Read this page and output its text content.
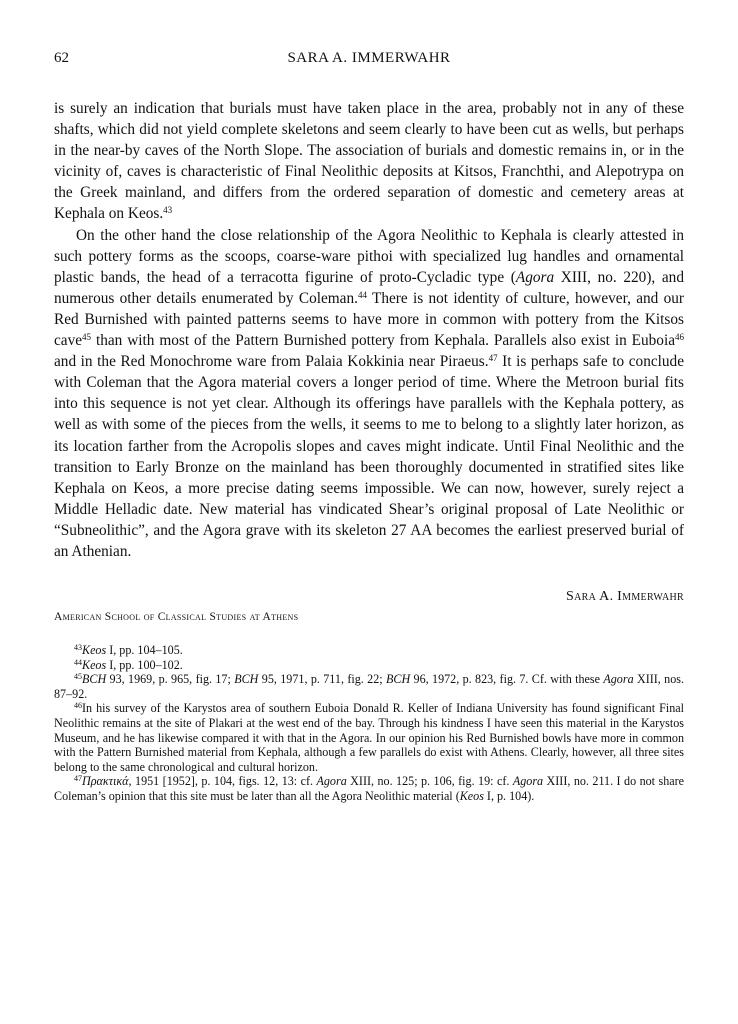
62	SARA A. IMMERWAHR

is surely an indication that burials must have taken place in the area, probably not in any of these shafts, which did not yield complete skeletons and seem clearly to have been cut as wells, but perhaps in the near-by caves of the North Slope. The association of burials and domestic remains in, or in the vicinity of, caves is characteristic of Final Neolithic deposits at Kitsos, Franchthi, and Alepotrypa on the Greek mainland, and differs from the ordered separation of domestic and cemetery areas at Kephala on Keos.$^{43}$

On the other hand the close relationship of the Agora Neolithic to Kephala is clearly attested in such pottery forms as the scoops, coarse-ware pithoi with specialized lug handles and ornamental plastic bands, the head of a terracotta figurine of proto-Cycladic type (Agora XIII, no. 220), and numerous other details enumerated by Coleman.$^{44}$ There is not identity of culture, however, and our Red Burnished with painted patterns seems to have more in common with pottery from the Kitsos cave$^{45}$ than with most of the Pattern Burnished pottery from Kephala. Parallels also exist in Euboia$^{46}$ and in the Red Monochrome ware from Palaia Kokkinia near Piraeus.$^{47}$ It is perhaps safe to conclude with Coleman that the Agora material covers a longer period of time. Where the Metroon burial fits into this sequence is not yet clear. Although its offerings have parallels with the Kephala pottery, as well as with some of the pieces from the wells, it seems to me to belong to a slightly later horizon, as its location farther from the Acropolis slopes and caves might indicate. Until Final Neolithic and the transition to Early Bronze on the mainland has been thoroughly documented in stratified sites like Kephala on Keos, a more precise dating seems impossible. We can now, however, surely reject a Middle Helladic date. New material has vindicated Shear’s original proposal of Late Neolithic or “Subneolithic”, and the Agora grave with its skeleton 27 AA becomes the earliest preserved burial of an Athenian.

Sara A. Immerwahr
American School of Classical Studies at Athens

$^{43}$Keos I, pp. 104–105.

$^{44}$Keos I, pp. 100–102.

$^{45}$BCH 93, 1969, p. 965, fig. 17; BCH 95, 1971, p. 711, fig. 22; BCH 96, 1972, p. 823, fig. 7. Cf. with these Agora XIII, nos. 87–92.

$^{46}$In his survey of the Karystos area of southern Euboia Donald R. Keller of Indiana University has found significant Final Neolithic remains at the site of Plakari at the west end of the bay. Through his kindness I have seen this material in the Karystos Museum, and he has likewise compared it with that in the Agora. In our opinion his Red Burnished bowls have more in common with the Pattern Burnished material from Kephala, although a few parallels do exist with Athens. Clearly, however, all three sites belong to the same chronological and cultural horizon.

$^{47}$Πρακτικά, 1951 [1952], p. 104, figs. 12, 13: cf. Agora XIII, no. 125; p. 106, fig. 19: cf. Agora XIII, no. 211. I do not share Coleman’s opinion that this site must be later than all the Agora Neolithic material (Keos I, p. 104).
